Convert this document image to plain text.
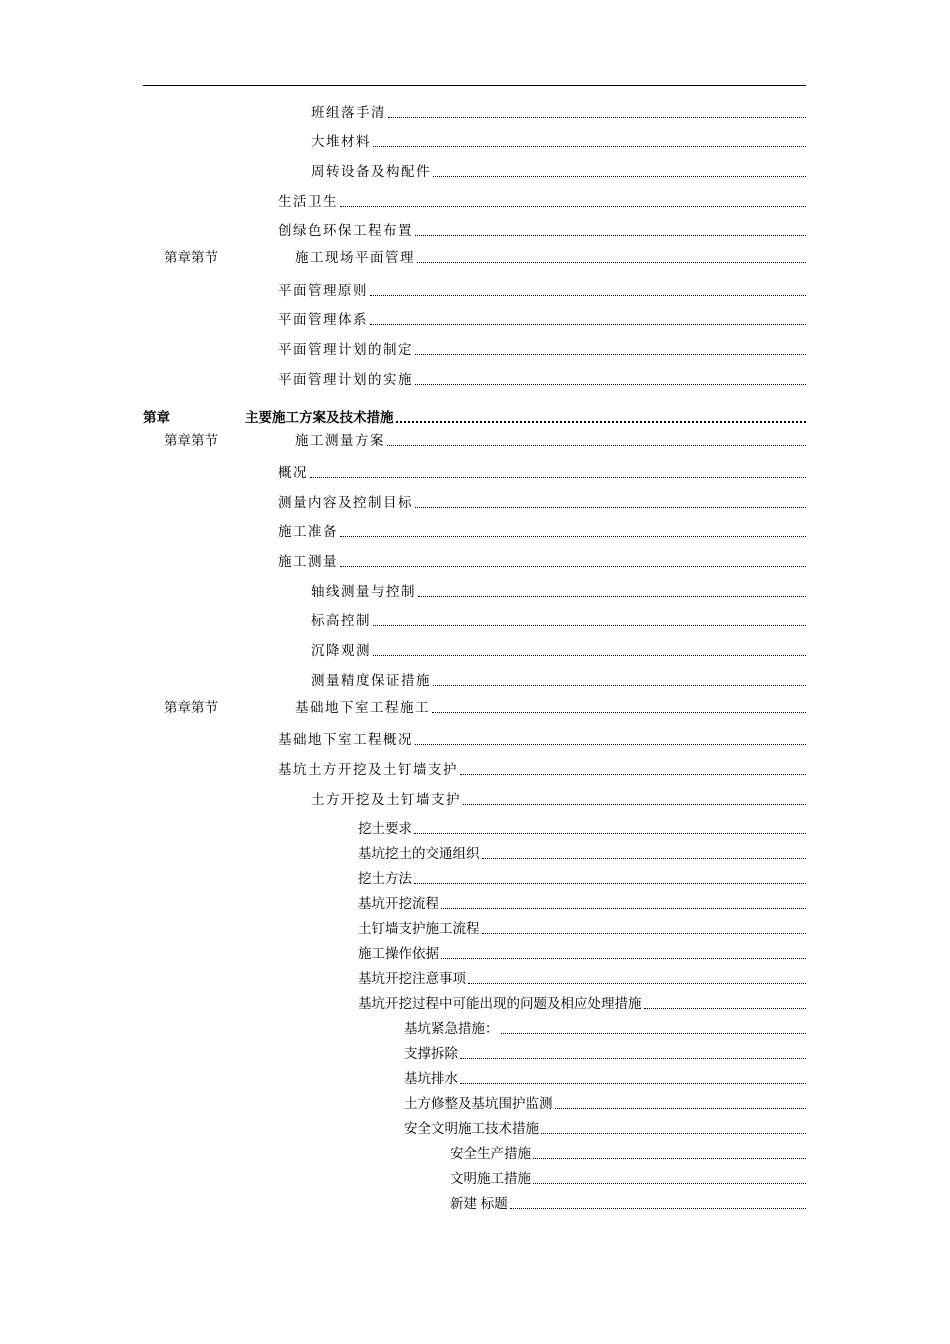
班组落手清
大堆材料
周转设备及构配件
生活卫生
创绿色环保工程布置
第章第节	施工现场平面管理
平面管理原则
平面管理体系
平面管理计划的制定
平面管理计划的实施
第章	主要施工方案及技术措施
第章第节	施工测量方案
概况
测量内容及控制目标
施工准备
施工测量
轴线测量与控制
标高控制
沉降观测
测量精度保证措施
第章第节	基础地下室工程施工
基础地下室工程概况
基坑土方开挖及土钉墙支护
土方开挖及土钉墙支护
挖土要求
基坑挖土的交通组织
挖土方法
基坑开挖流程
土钉墙支护施工流程
施工操作依据
基坑开挖注意事项
基坑开挖过程中可能出现的问题及相应处理措施
基坑紧急措施：
支撑拆除
基坑排水
土方修整及基坑围护监测
安全文明施工技术措施
安全生产措施
文明施工措施
新建 标题
